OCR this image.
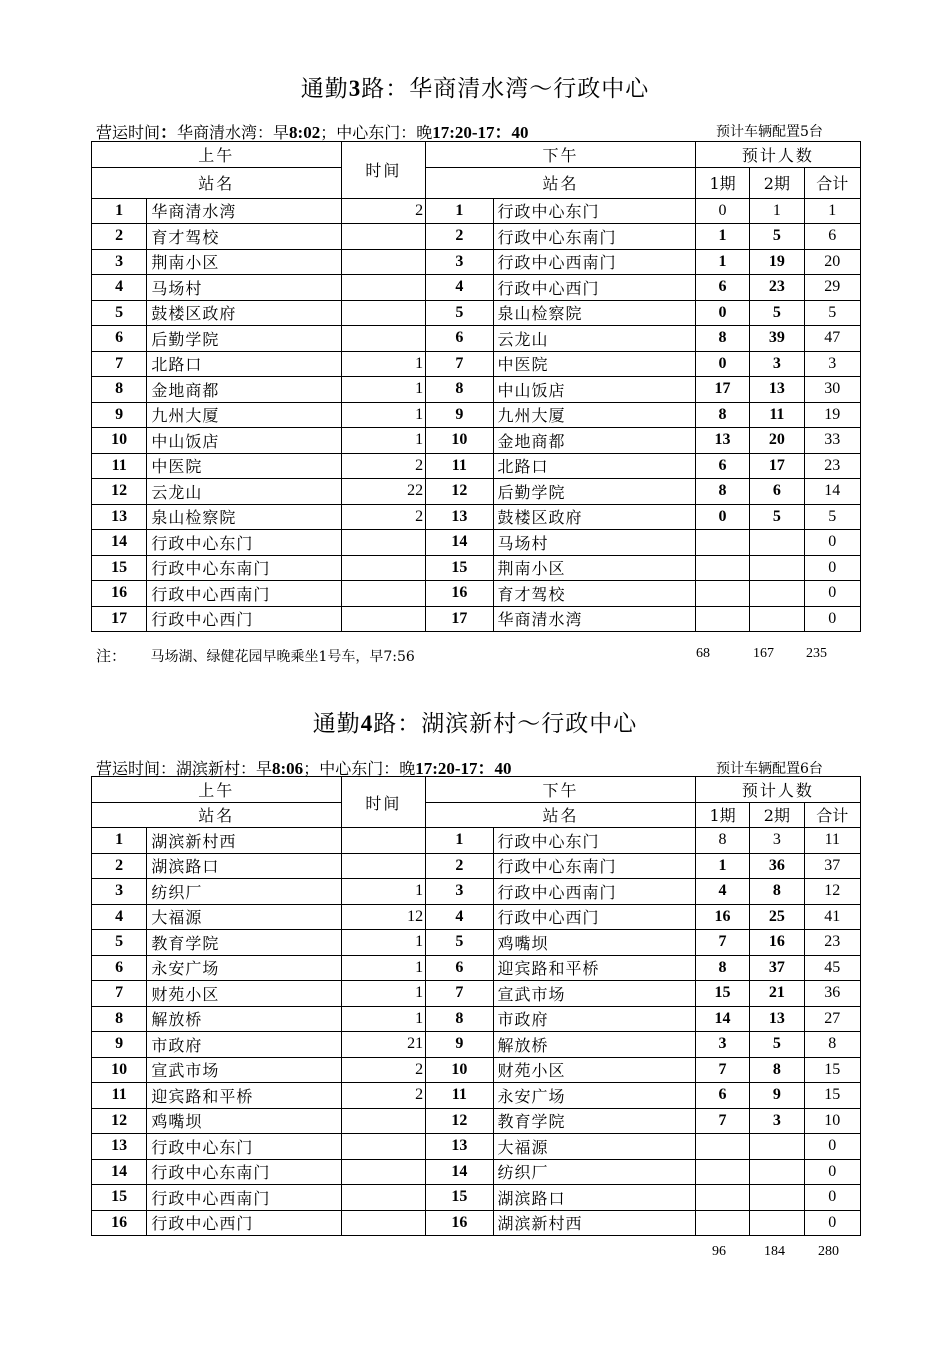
通勤3路：华商清水湾～行政中心
营运时间：华商清水湾：早8:02；中心东门：晚17:20-17：40	预计车辆配置5台
上午		时间	下午		预计人数		
站名			站名		1期	2期	合计
1	华商清水湾	2	1	行政中心东门	0	1	1
2	育才驾校		2	行政中心东南门	1	5	6
3	荆南小区		3	行政中心西南门	1	19	20
4	马场村		4	行政中心西门	6	23	29
5	鼓楼区政府		5	泉山检察院	0	5	5
6	后勤学院		6	云龙山	8	39	47
7	北路口	1	7	中医院	0	3	3
8	金地商都	1	8	中山饭店	17	13	30
9	九州大厦	1	9	九州大厦	8	11	19
10	中山饭店	1	10	金地商都	13	20	33
11	中医院	2	11	北路口	6	17	23
12	云龙山	22	12	后勤学院	8	6	14
13	泉山检察院	2	13	鼓楼区政府	0	5	5
14	行政中心东门		14	马场村			0
15	行政中心东南门		15	荆南小区			0
16	行政中心西南门		16	育才驾校			0
17	行政中心西门		17	华商清水湾			0
注： 马场湖、绿健花园早晚乘坐1号车，早7:56	68	167 235
通勤4路：湖滨新村～行政中心
营运时间：湖滨新村：早8:06；中心东门：晚17:20-17：40	预计车辆配置6台
上午		时间	下午		预计人数		
站名			站名		1期	2期	合计
1	湖滨新村西		1	行政中心东门	8	3	11
2	湖滨路口		2	行政中心东南门	1	36	37
3	纺织厂	1	3	行政中心西南门	4	8	12
4	大福源	12	4	行政中心西门	16	25	41
5	教育学院	1	5	鸡嘴坝	7	16	23
6	永安广场	1	6	迎宾路和平桥	8	37	45
7	财苑小区	1	7	宣武市场	15	21	36
8	解放桥	1	8	市政府	14	13	27
9	市政府	21	9	解放桥	3	5	8
10	宣武市场	2	10	财苑小区	7	8	15
11	迎宾路和平桥	2	11	永安广场	6	9	15
12	鸡嘴坝		12	教育学院	7	3	10
13	行政中心东门		13	大福源			0
14	行政中心东南门		14	纺织厂			0
15	行政中心西南门		15	湖滨路口			0
16	行政中心西门		16	湖滨新村西			0
96	184 280
